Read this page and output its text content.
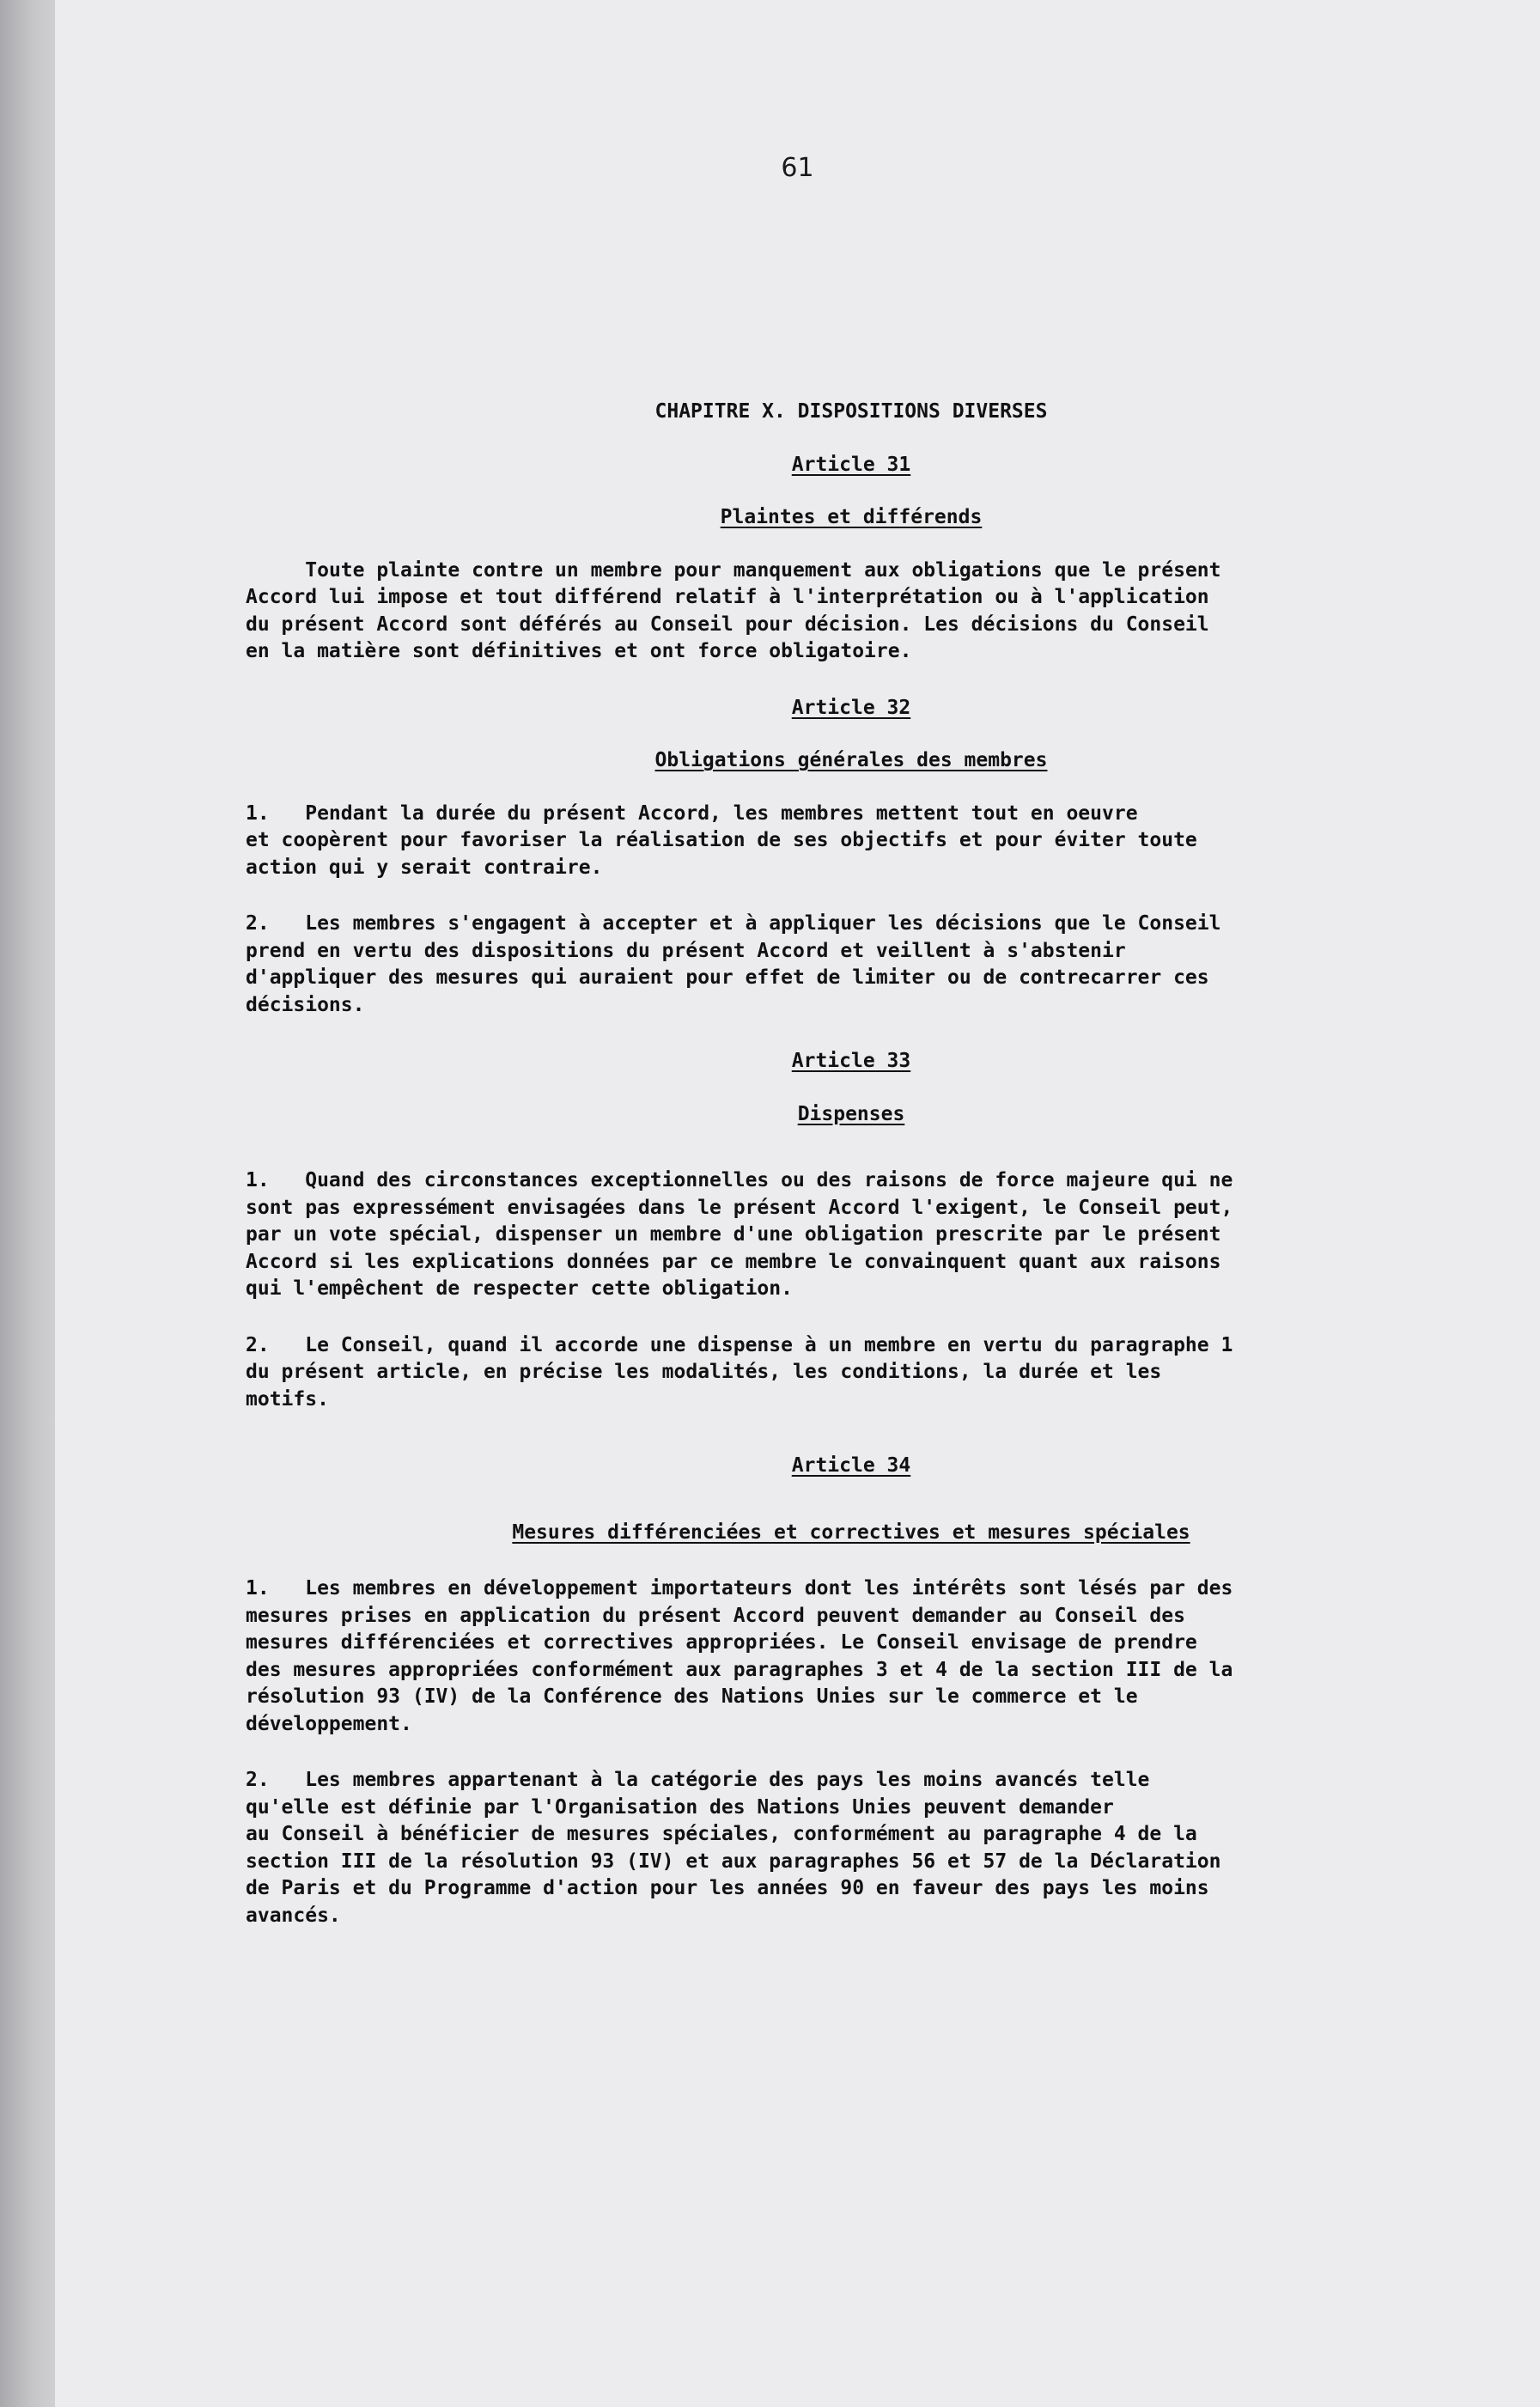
61

CHAPITRE X. DISPOSITIONS DIVERSES

Article 31

Plaintes et différends

Toute plainte contre un membre pour manquement aux obligations que le présent
Accord lui impose et tout différend relatif à l'interprétation ou à l'application
du présent Accord sont déférés au Conseil pour décision. Les décisions du Conseil
en la matière sont définitives et ont force obligatoire.

Article 32

Obligations générales des membres

1.   Pendant la durée du présent Accord, les membres mettent tout en oeuvre
et coopèrent pour favoriser la réalisation de ses objectifs et pour éviter toute
action qui y serait contraire.

2.   Les membres s'engagent à accepter et à appliquer les décisions que le Conseil
prend en vertu des dispositions du présent Accord et veillent à s'abstenir
d'appliquer des mesures qui auraient pour effet de limiter ou de contrecarrer ces
décisions.

Article 33

Dispenses

1.   Quand des circonstances exceptionnelles ou des raisons de force majeure qui ne
sont pas expressément envisagées dans le présent Accord l'exigent, le Conseil peut,
par un vote spécial, dispenser un membre d'une obligation prescrite par le présent
Accord si les explications données par ce membre le convainquent quant aux raisons
qui l'empêchent de respecter cette obligation.

2.   Le Conseil, quand il accorde une dispense à un membre en vertu du paragraphe 1
du présent article, en précise les modalités, les conditions, la durée et les
motifs.

Article 34

Mesures différenciées et correctives et mesures spéciales

1.   Les membres en développement importateurs dont les intérêts sont lésés par des
mesures prises en application du présent Accord peuvent demander au Conseil des
mesures différenciées et correctives appropriées. Le Conseil envisage de prendre
des mesures appropriées conformément aux paragraphes 3 et 4 de la section III de la
résolution 93 (IV) de la Conférence des Nations Unies sur le commerce et le
développement.

2.   Les membres appartenant à la catégorie des pays les moins avancés telle
qu'elle est définie par l'Organisation des Nations Unies peuvent demander
au Conseil à bénéficier de mesures spéciales, conformément au paragraphe 4 de la
section III de la résolution 93 (IV) et aux paragraphes 56 et 57 de la Déclaration
de Paris et du Programme d'action pour les années 90 en faveur des pays les moins
avancés.
